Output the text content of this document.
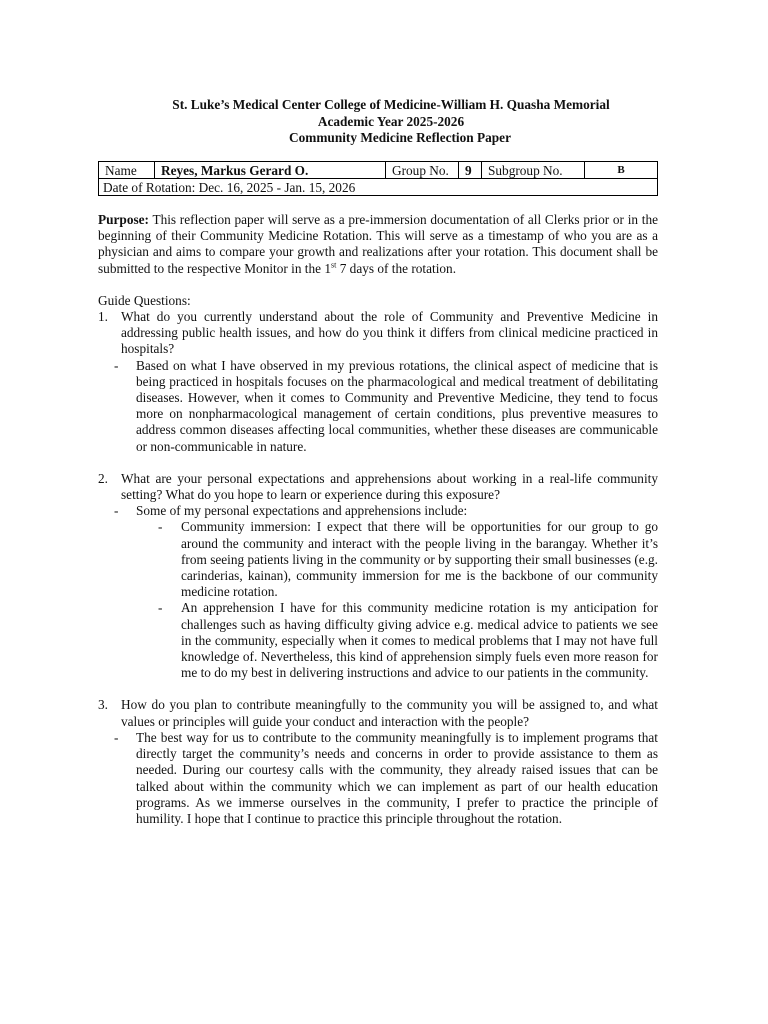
St. Luke’s Medical Center College of Medicine-William H. Quasha Memorial
Academic Year 2025-2026
Community Medicine Reflection Paper
Name	Reyes, Markus Gerard O.	Group No.	9	Subgroup No.	B
Date of Rotation: Dec. 16, 2025 - Jan. 15, 2026

Purpose: This reflection paper will serve as a pre-immersion documentation of all Clerks prior or in the beginning of their Community Medicine Rotation. This will serve as a timestamp of who you are as a physician and aims to compare your growth and realizations after your rotation. This document shall be submitted to the respective Monitor in the 1st 7 days of the rotation.

Guide Questions:
1. What do you currently understand about the role of Community and Preventive Medicine in addressing public health issues, and how do you think it differs from clinical medicine practiced in hospitals?
- Based on what I have observed in my previous rotations, the clinical aspect of medicine that is being practiced in hospitals focuses on the pharmacological and medical treatment of debilitating diseases. However, when it comes to Community and Preventive Medicine, they tend to focus more on nonpharmacological management of certain conditions, plus preventive measures to address common diseases affecting local communities, whether these diseases are communicable or non-communicable in nature.
2. What are your personal expectations and apprehensions about working in a real-life community setting? What do you hope to learn or experience during this exposure?
- Some of my personal expectations and apprehensions include:
- Community immersion: I expect that there will be opportunities for our group to go around the community and interact with the people living in the barangay. Whether it’s from seeing patients living in the community or by supporting their small businesses (e.g. carinderias, kainan), community immersion for me is the backbone of our community medicine rotation.
- An apprehension I have for this community medicine rotation is my anticipation for challenges such as having difficulty giving advice e.g. medical advice to patients we see in the community, especially when it comes to medical problems that I may not have full knowledge of. Nevertheless, this kind of apprehension simply fuels even more reason for me to do my best in delivering instructions and advice to our patients in the community.
3. How do you plan to contribute meaningfully to the community you will be assigned to, and what values or principles will guide your conduct and interaction with the people?
- The best way for us to contribute to the community meaningfully is to implement programs that directly target the community’s needs and concerns in order to provide assistance to them as needed. During our courtesy calls with the community, they already raised issues that can be talked about within the community which we can implement as part of our health education programs. As we immerse ourselves in the community, I prefer to practice the principle of humility. I hope that I continue to practice this principle throughout the rotation.
